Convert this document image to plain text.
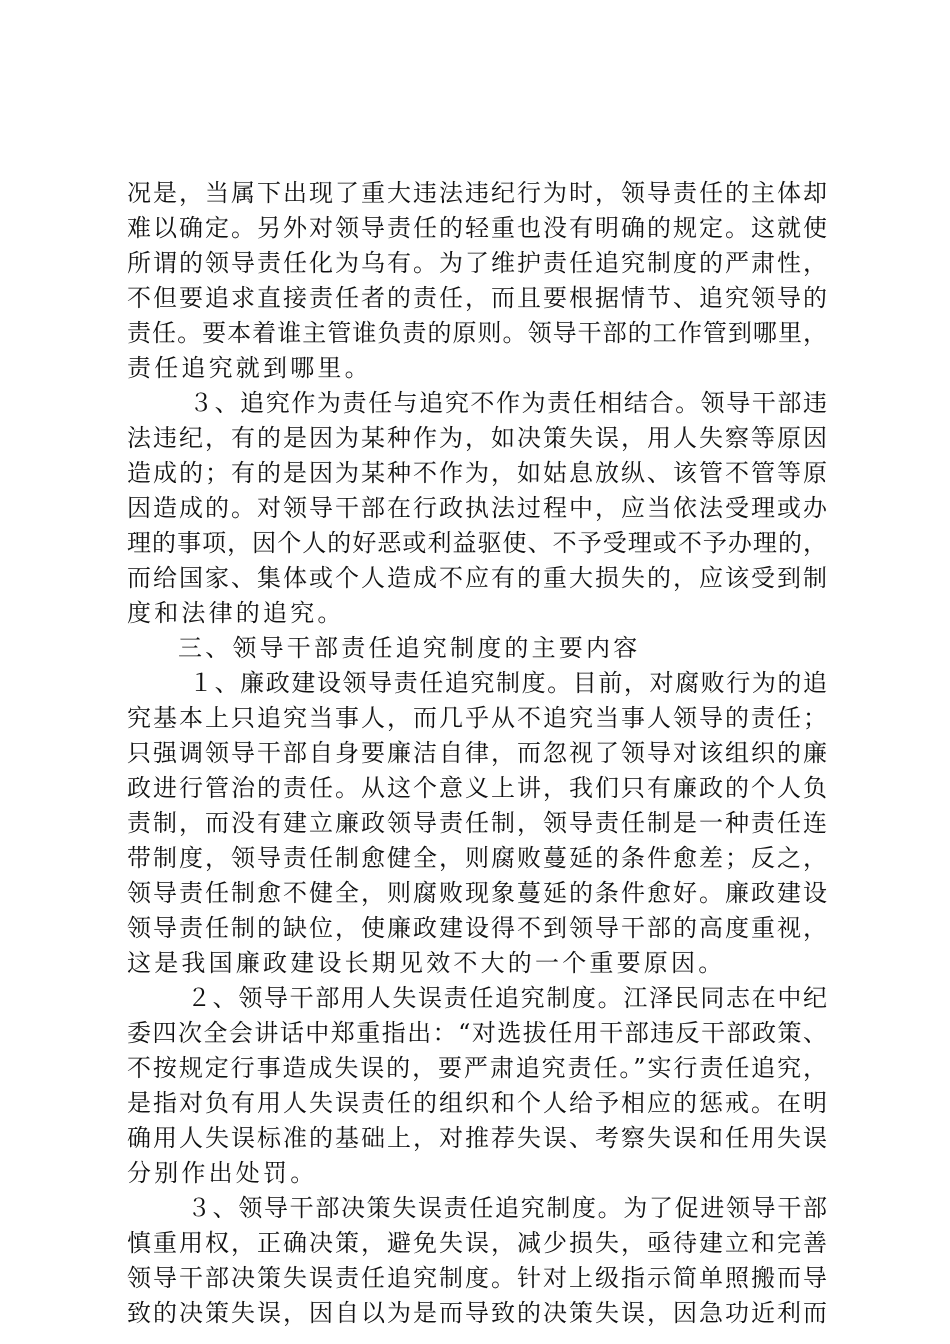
况是，当属下出现了重大违法违纪行为时，领导责任的主体却
难以确定。另外对领导责任的轻重也没有明确的规定。这就使
所谓的领导责任化为乌有。为了维护责任追究制度的严肃性，
不但要追求直接责任者的责任，而且要根据情节、追究领导的
责任。要本着谁主管谁负责的原则。领导干部的工作管到哪里，
责任追究就到哪里。
３、追究作为责任与追究不作为责任相结合。领导干部违
法违纪，有的是因为某种作为，如决策失误，用人失察等原因
造成的；有的是因为某种不作为，如姑息放纵、该管不管等原
因造成的。对领导干部在行政执法过程中，应当依法受理或办
理的事项，因个人的好恶或利益驱使、不予受理或不予办理的，
而给国家、集体或个人造成不应有的重大损失的，应该受到制
度和法律的追究。
三、领导干部责任追究制度的主要内容
１、廉政建设领导责任追究制度。目前，对腐败行为的追
究基本上只追究当事人，而几乎从不追究当事人领导的责任；
只强调领导干部自身要廉洁自律，而忽视了领导对该组织的廉
政进行管治的责任。从这个意义上讲，我们只有廉政的个人负
责制，而没有建立廉政领导责任制，领导责任制是一种责任连
带制度，领导责任制愈健全，则腐败蔓延的条件愈差；反之，
领导责任制愈不健全，则腐败现象蔓延的条件愈好。廉政建设
领导责任制的缺位，使廉政建设得不到领导干部的高度重视，
这是我国廉政建设长期见效不大的一个重要原因。
２、领导干部用人失误责任追究制度。江泽民同志在中纪
委四次全会讲话中郑重指出：“对选拔任用干部违反干部政策、
不按规定行事造成失误的，要严肃追究责任。”实行责任追究，
是指对负有用人失误责任的组织和个人给予相应的惩戒。在明
确用人失误标准的基础上，对推荐失误、考察失误和任用失误
分别作出处罚。
３、领导干部决策失误责任追究制度。为了促进领导干部
慎重用权，正确决策，避免失误，减少损失，亟待建立和完善
领导干部决策失误责任追究制度。针对上级指示简单照搬而导
致的决策失误，因自以为是而导致的决策失误，因急功近利而
